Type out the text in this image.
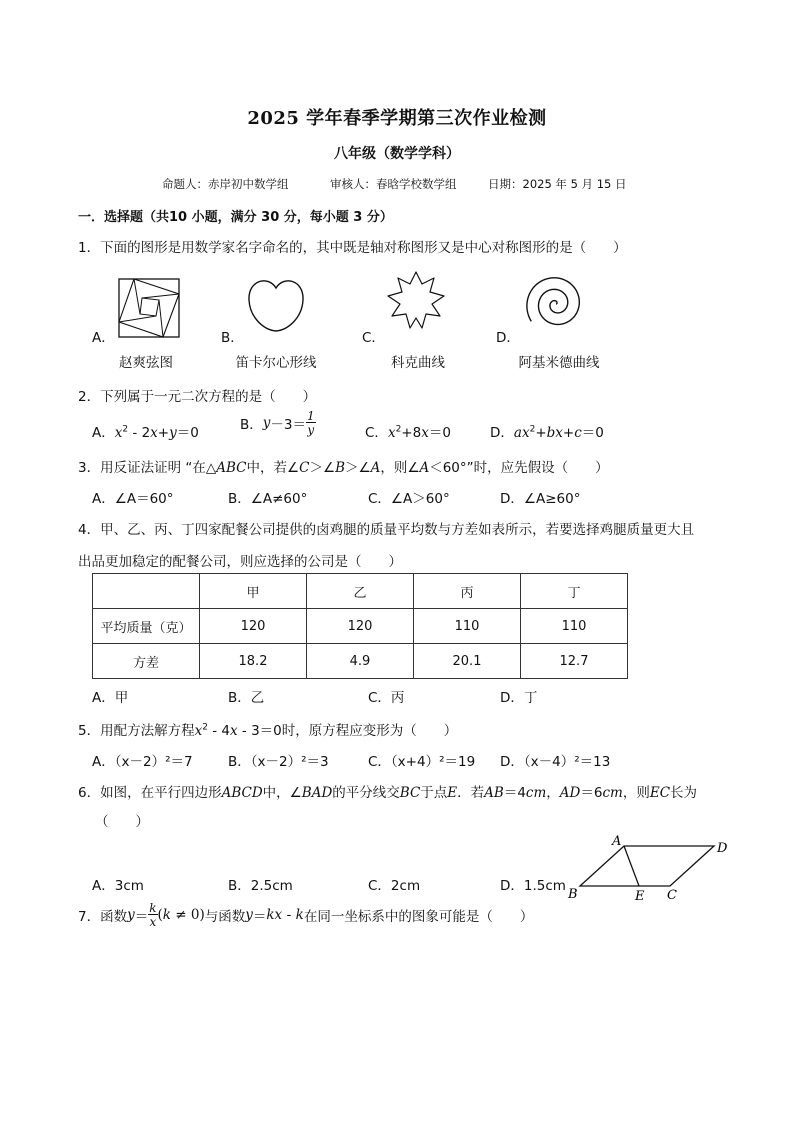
2025 学年春季学期第三次作业检测
八年级（数学学科）
命题人：赤岸初中数学组	审核人：春晗学校数学组	日期：2025 年 5 月 15 日
一．选择题（共10 小题，满分 30 分，每小题 3 分）
1．下面的图形是用数学家名字命名的，其中既是轴对称图形又是中心对称图形的是（　　）
A．
赵爽弦图
B．
笛卡尔心形线
C．
科克曲线
D．
阿基米德曲线
2．下列属于一元二次方程的是（　　）
A．$x^2 - 2x+y=0$	B．$y-3= \frac{1}{y}$	C．$x^2+8x=0$	D．$ax^2+bx+c=0$
3．用反证法证明 “在△ABC中，若∠C＞∠B＞∠A，则∠A＜60°”时，应先假设（　　）
A．∠A＝60°	B．∠A≠60°	C．∠A＞60°	D．∠A≥60°
4．甲、乙、丙、丁四家配餐公司提供的卤鸡腿的质量平均数与方差如表所示，若要选择鸡腿质量更大且
出品更加稳定的配餐公司，则应选择的公司是（　　）
	甲	乙	丙	丁
平均质量（克）	120	120	110	110
方差	18.2	4.9	20.1	12.7
A．甲	B．乙	C．丙	D．丁
5．用配方法解方程$x^2 - 4x - 3=0$时，原方程应变形为（　　）
A．（x－2）²＝7	B．（x－2）²＝3	C．（x+4）²＝19 D．（x－4）²＝13
6．如图，在平行四边形ABCD中，∠BAD的平分线交BC于点E．若AB＝4cm，AD＝6cm，则EC长为
（　　）
A	D
B	E C
A．3cm	B．2.5cm	C．2cm	D．1.5cm
7．函数$y= \frac{k}{x} (k \ne 0)$与函数y＝kx - k在同一坐标系中的图象可能是（　　）
